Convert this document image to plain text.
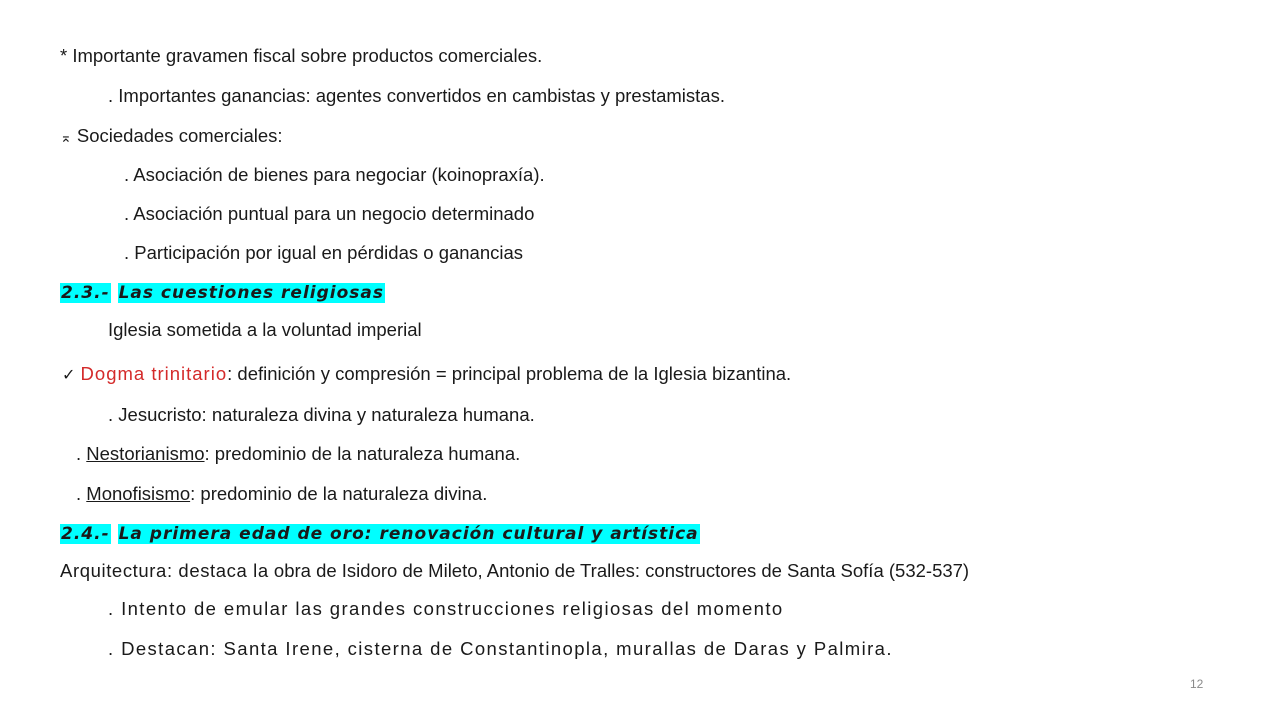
* Importante gravamen fiscal sobre productos comerciales.
. Importantes ganancias: agentes convertidos en cambistas y prestamistas.
⌅ Sociedades comerciales:
. Asociación de bienes para negociar (koinopraxía).
. Asociación puntual para un negocio determinado
. Participación por igual en pérdidas o ganancias
2.3.- Las cuestiones religiosas
Iglesia sometida a la voluntad imperial
✓ Dogma trinitario: definición y compresión = principal problema de la Iglesia bizantina.
. Jesucristo: naturaleza divina y naturaleza humana.
. Nestorianismo: predominio de la naturaleza humana.
. Monofisismo: predominio de la naturaleza divina.
2.4.- La primera edad de oro: renovación cultural y artística
Arquitectura: destaca la obra de Isidoro de Mileto, Antonio de Tralles: constructores de Santa Sofía (532-537)
. Intento de emular las grandes construcciones religiosas del momento
. Destacan: Santa Irene, cisterna de Constantinopla, murallas de Daras y Palmira.
12
